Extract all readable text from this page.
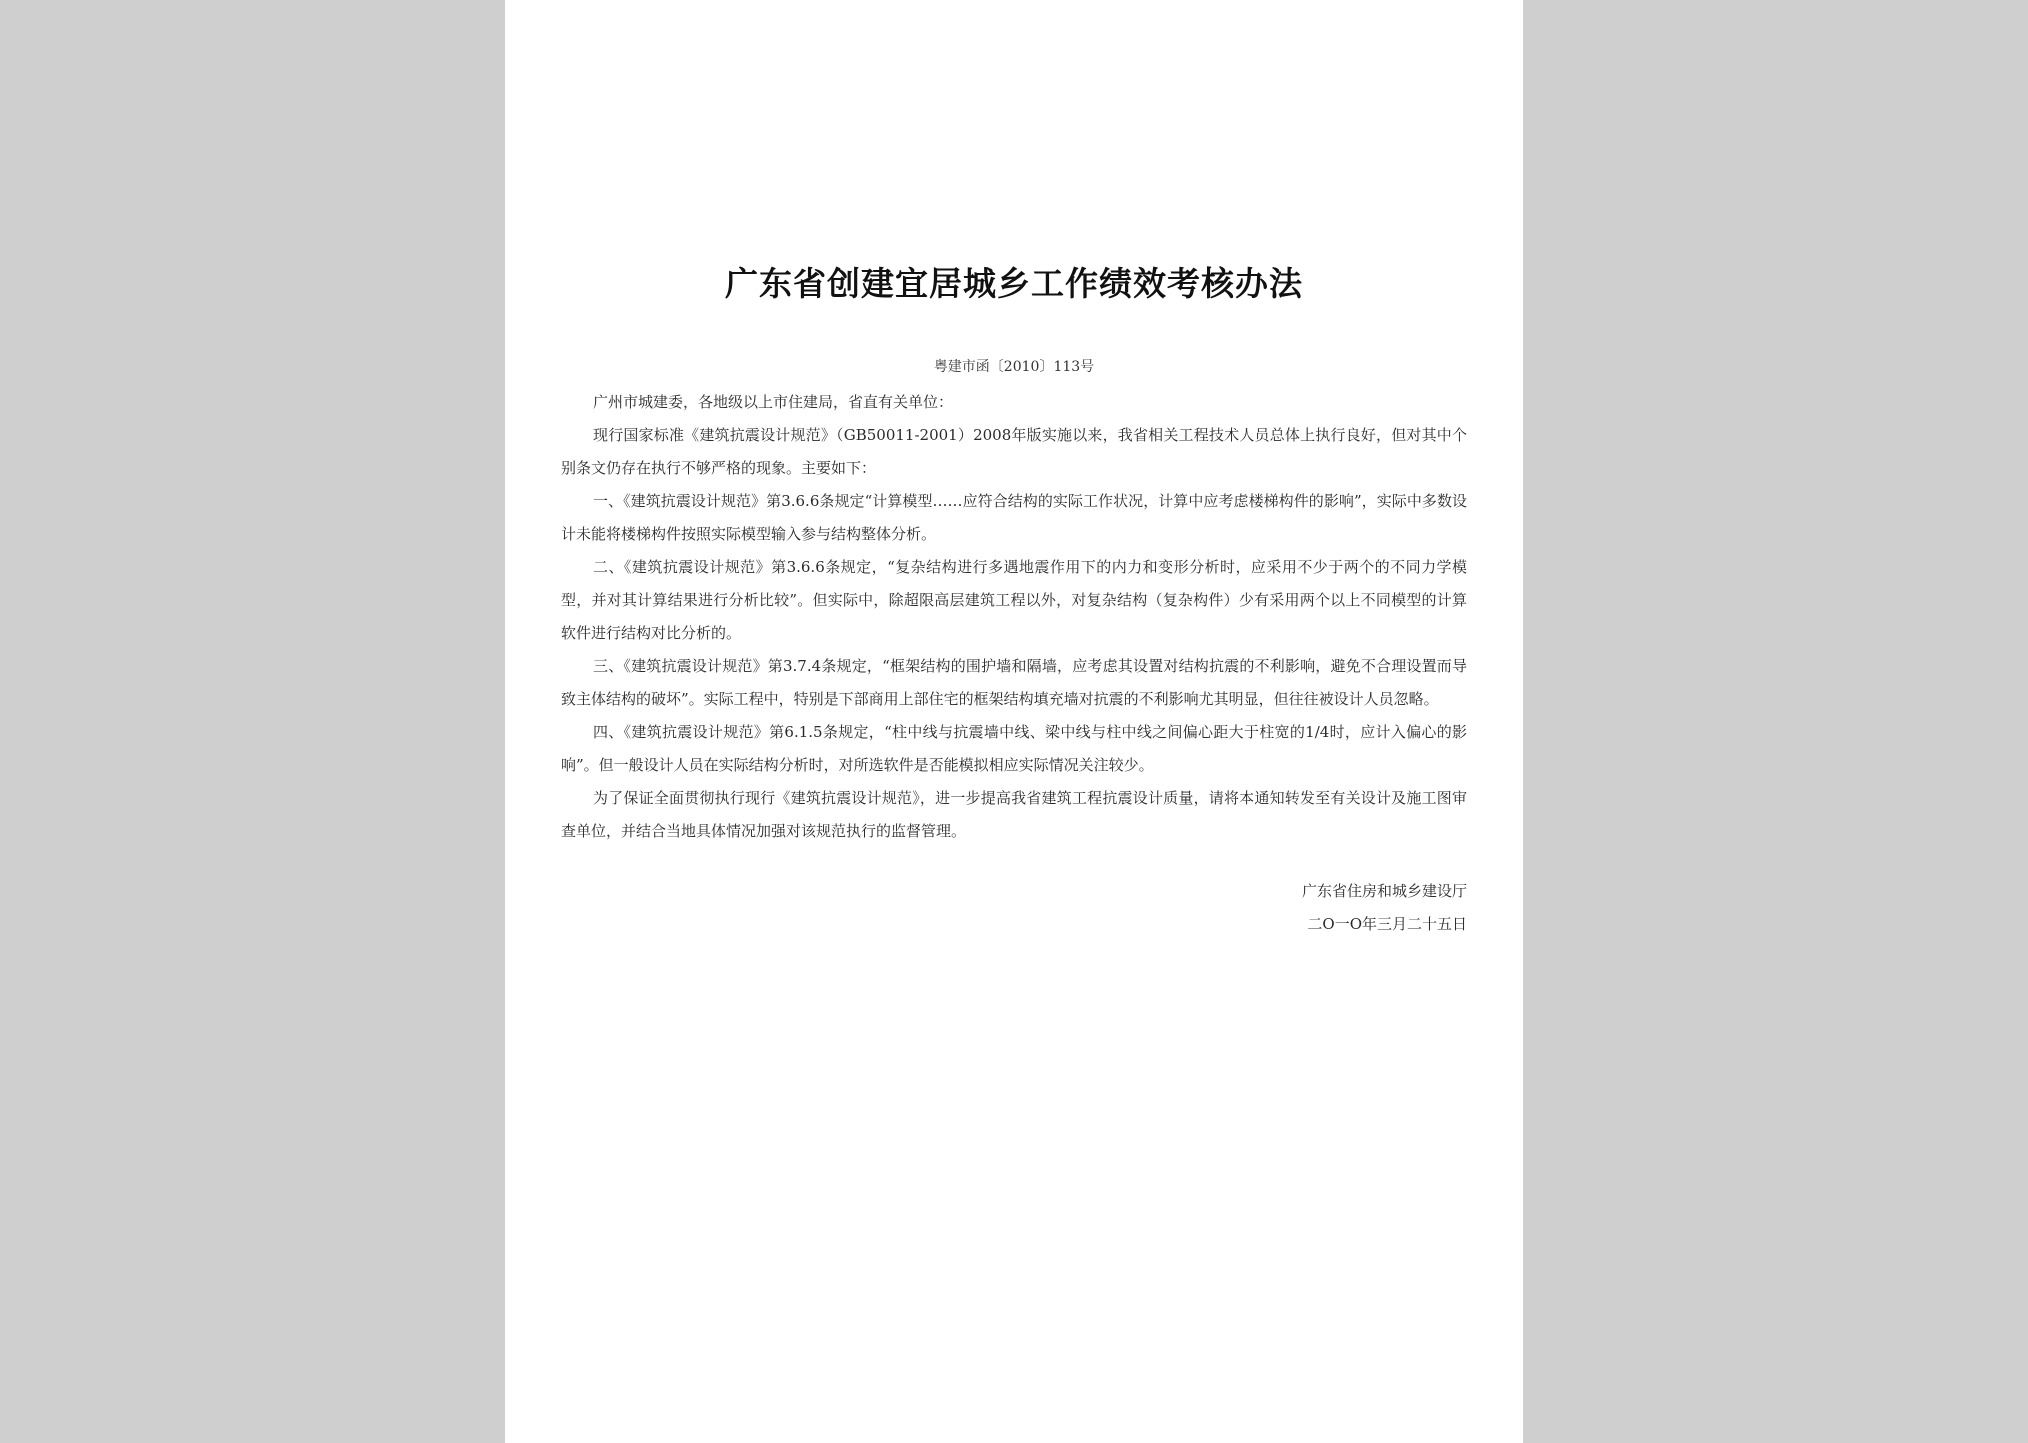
广东省创建宜居城乡工作绩效考核办法
粤建市函〔2010〕113号

广州市城建委，各地级以上市住建局，省直有关单位：

现行国家标准《建筑抗震设计规范》（GB50011-2001）2008年版实施以来，我省相关工程技术人员总体上执行良好，但对其中个别条文仍存在执行不够严格的现象。主要如下：

一、《建筑抗震设计规范》第3.6.6条规定“计算模型……应符合结构的实际工作状况，计算中应考虑楼梯构件的影响”，实际中多数设计未能将楼梯构件按照实际模型输入参与结构整体分析。

二、《建筑抗震设计规范》第3.6.6条规定，“复杂结构进行多遇地震作用下的内力和变形分析时，应采用不少于两个的不同力学模型，并对其计算结果进行分析比较”。但实际中，除超限高层建筑工程以外，对复杂结构（复杂构件）少有采用两个以上不同模型的计算软件进行结构对比分析的。

三、《建筑抗震设计规范》第3.7.4条规定，“框架结构的围护墙和隔墙，应考虑其设置对结构抗震的不利影响，避免不合理设置而导致主体结构的破坏”。实际工程中，特别是下部商用上部住宅的框架结构填充墙对抗震的不利影响尤其明显，但往往被设计人员忽略。

四、《建筑抗震设计规范》第6.1.5条规定，“柱中线与抗震墙中线、梁中线与柱中线之间偏心距大于柱宽的1/4时，应计入偏心的影响”。但一般设计人员在实际结构分析时，对所选软件是否能模拟相应实际情况关注较少。

为了保证全面贯彻执行现行《建筑抗震设计规范》，进一步提高我省建筑工程抗震设计质量，请将本通知转发至有关设计及施工图审查单位，并结合当地具体情况加强对该规范执行的监督管理。

广东省住房和城乡建设厅
二O一O年三月二十五日
